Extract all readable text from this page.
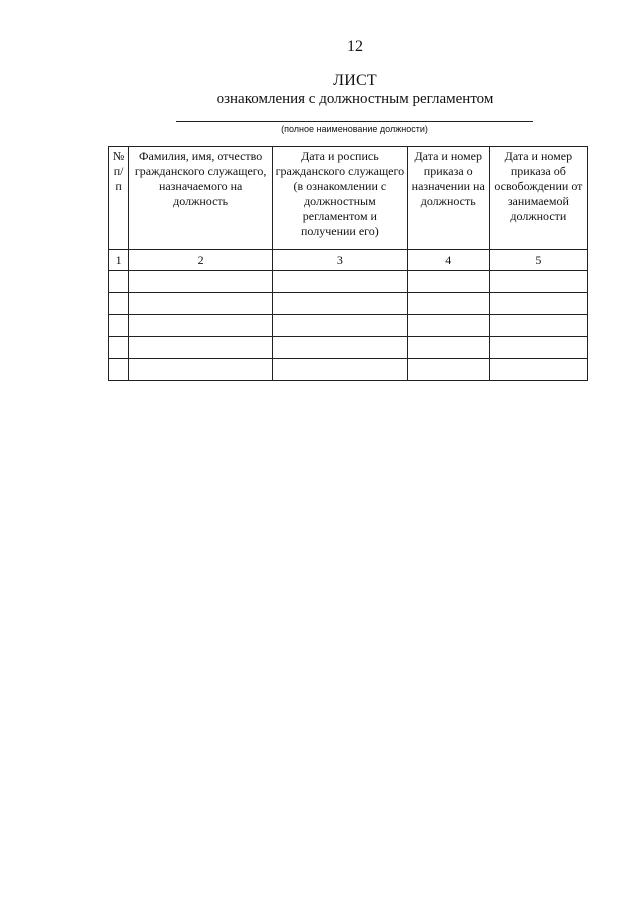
12
ЛИСТ
ознакомления с должностным регламентом
(полное наименование должности)
№ п/п	Фамилия, имя, отчество гражданского служащего, назначаемого на должность	Дата и роспись гражданского служащего (в ознакомлении с должностным регламентом и получении его)	Дата и номер приказа о назначении на должность	Дата и номер приказа об освобождении от занимаемой должности
1	2	3	4	5
